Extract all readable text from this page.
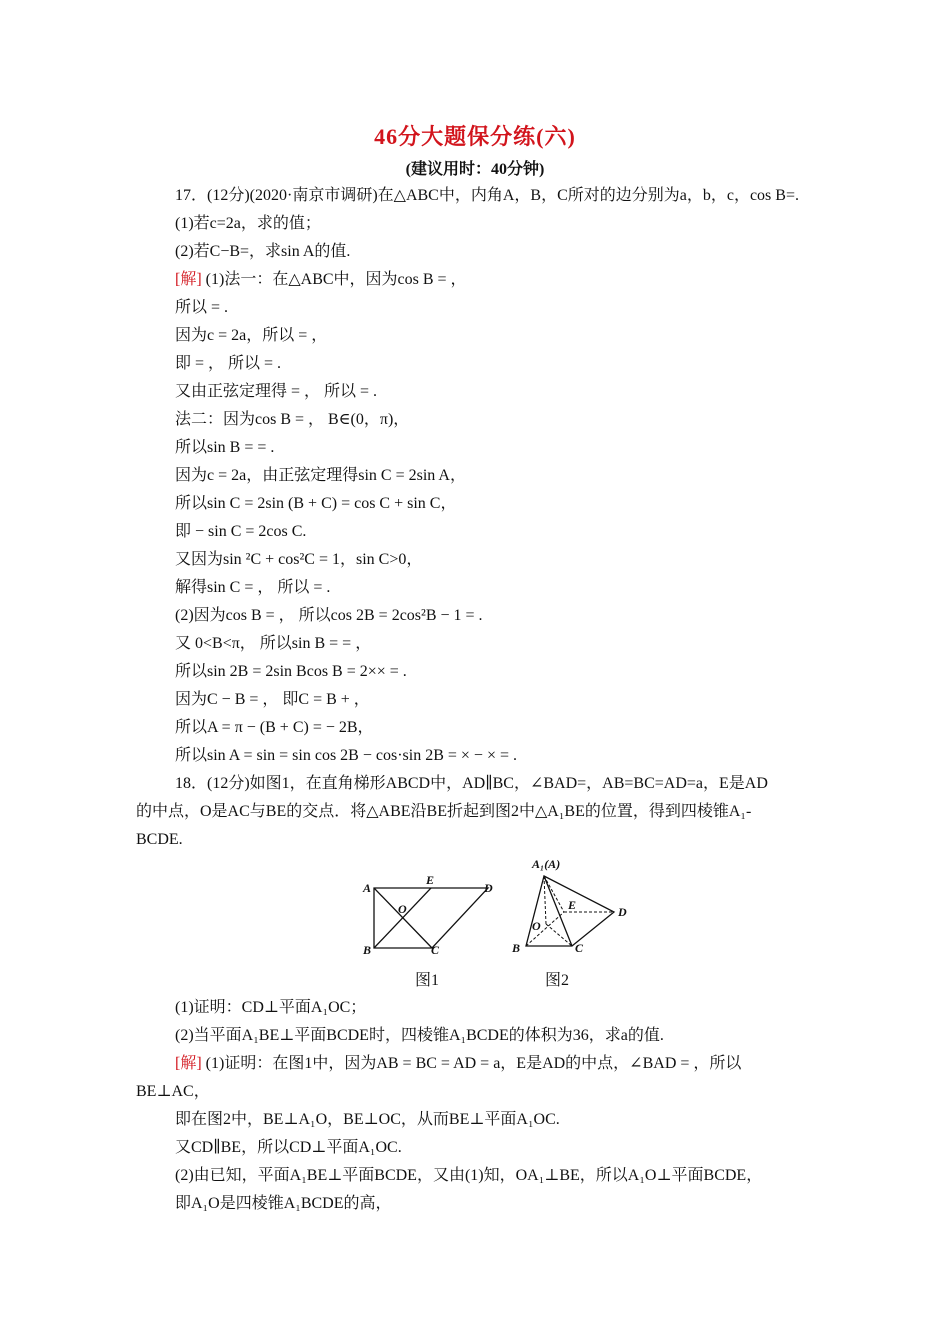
46分大题保分练(六)
(建议用时：40分钟)
17．(12分)(2020·南京市调研)在△ABC中，内角A，B，C所对的边分别为a，b，c，cos B=.
(1)若c=2a，求的值；
(2)若C−B=，求sin A的值.
[解] (1)法一：在△ABC中，因为cos B = ，
所以 = .
因为c = 2a，所以 = ，
即 = ， 所以 = .
又由正弦定理得 = ， 所以 = .
法二：因为cos B = ， B∈(0，π)，
所以sin B = = .
因为c = 2a，由正弦定理得sin C = 2sin A，
所以sin C = 2sin (B + C) = cos C + sin C，
即 − sin C = 2cos C.
又因为sin ²C + cos²C = 1，sin C>0，
解得sin C = ， 所以 = .
(2)因为cos B = ， 所以cos 2B = 2cos²B − 1 = .
又 0<B<π， 所以sin B = = ，
所以sin 2B = 2sin Bcos B = 2×× = .
因为C − B = ， 即C = B + ，
所以A = π − (B + C) = − 2B，
所以sin A = sin = sin cos 2B − cos·sin 2B = × − × = .
18．(12分)如图1，在直角梯形ABCD中，AD∥BC，∠BAD=，AB=BC=AD=a，E是AD
的中点，O是AC与BE的交点．将△ABE沿BE折起到图2中△A₁BE的位置，得到四棱锥A₁-
BCDE.
A
E
D
O
B	C
图1
A₁(A)
E	D
O
B	C
图2
(1)证明：CD⊥平面A₁OC；
(2)当平面A₁BE⊥平面BCDE时，四棱锥A₁BCDE的体积为36，求a的值.
[解] (1)证明：在图1中，因为AB = BC = AD = a，E是AD的中点，∠BAD = ，所以
BE⊥AC，
即在图2中，BE⊥A₁O，BE⊥OC，从而BE⊥平面A₁OC.
又CD∥BE，所以CD⊥平面A₁OC.
(2)由已知，平面A₁BE⊥平面BCDE，又由(1)知，OA₁⊥BE，所以A₁O⊥平面BCDE，
即A₁O是四棱锥A₁BCDE的高，
